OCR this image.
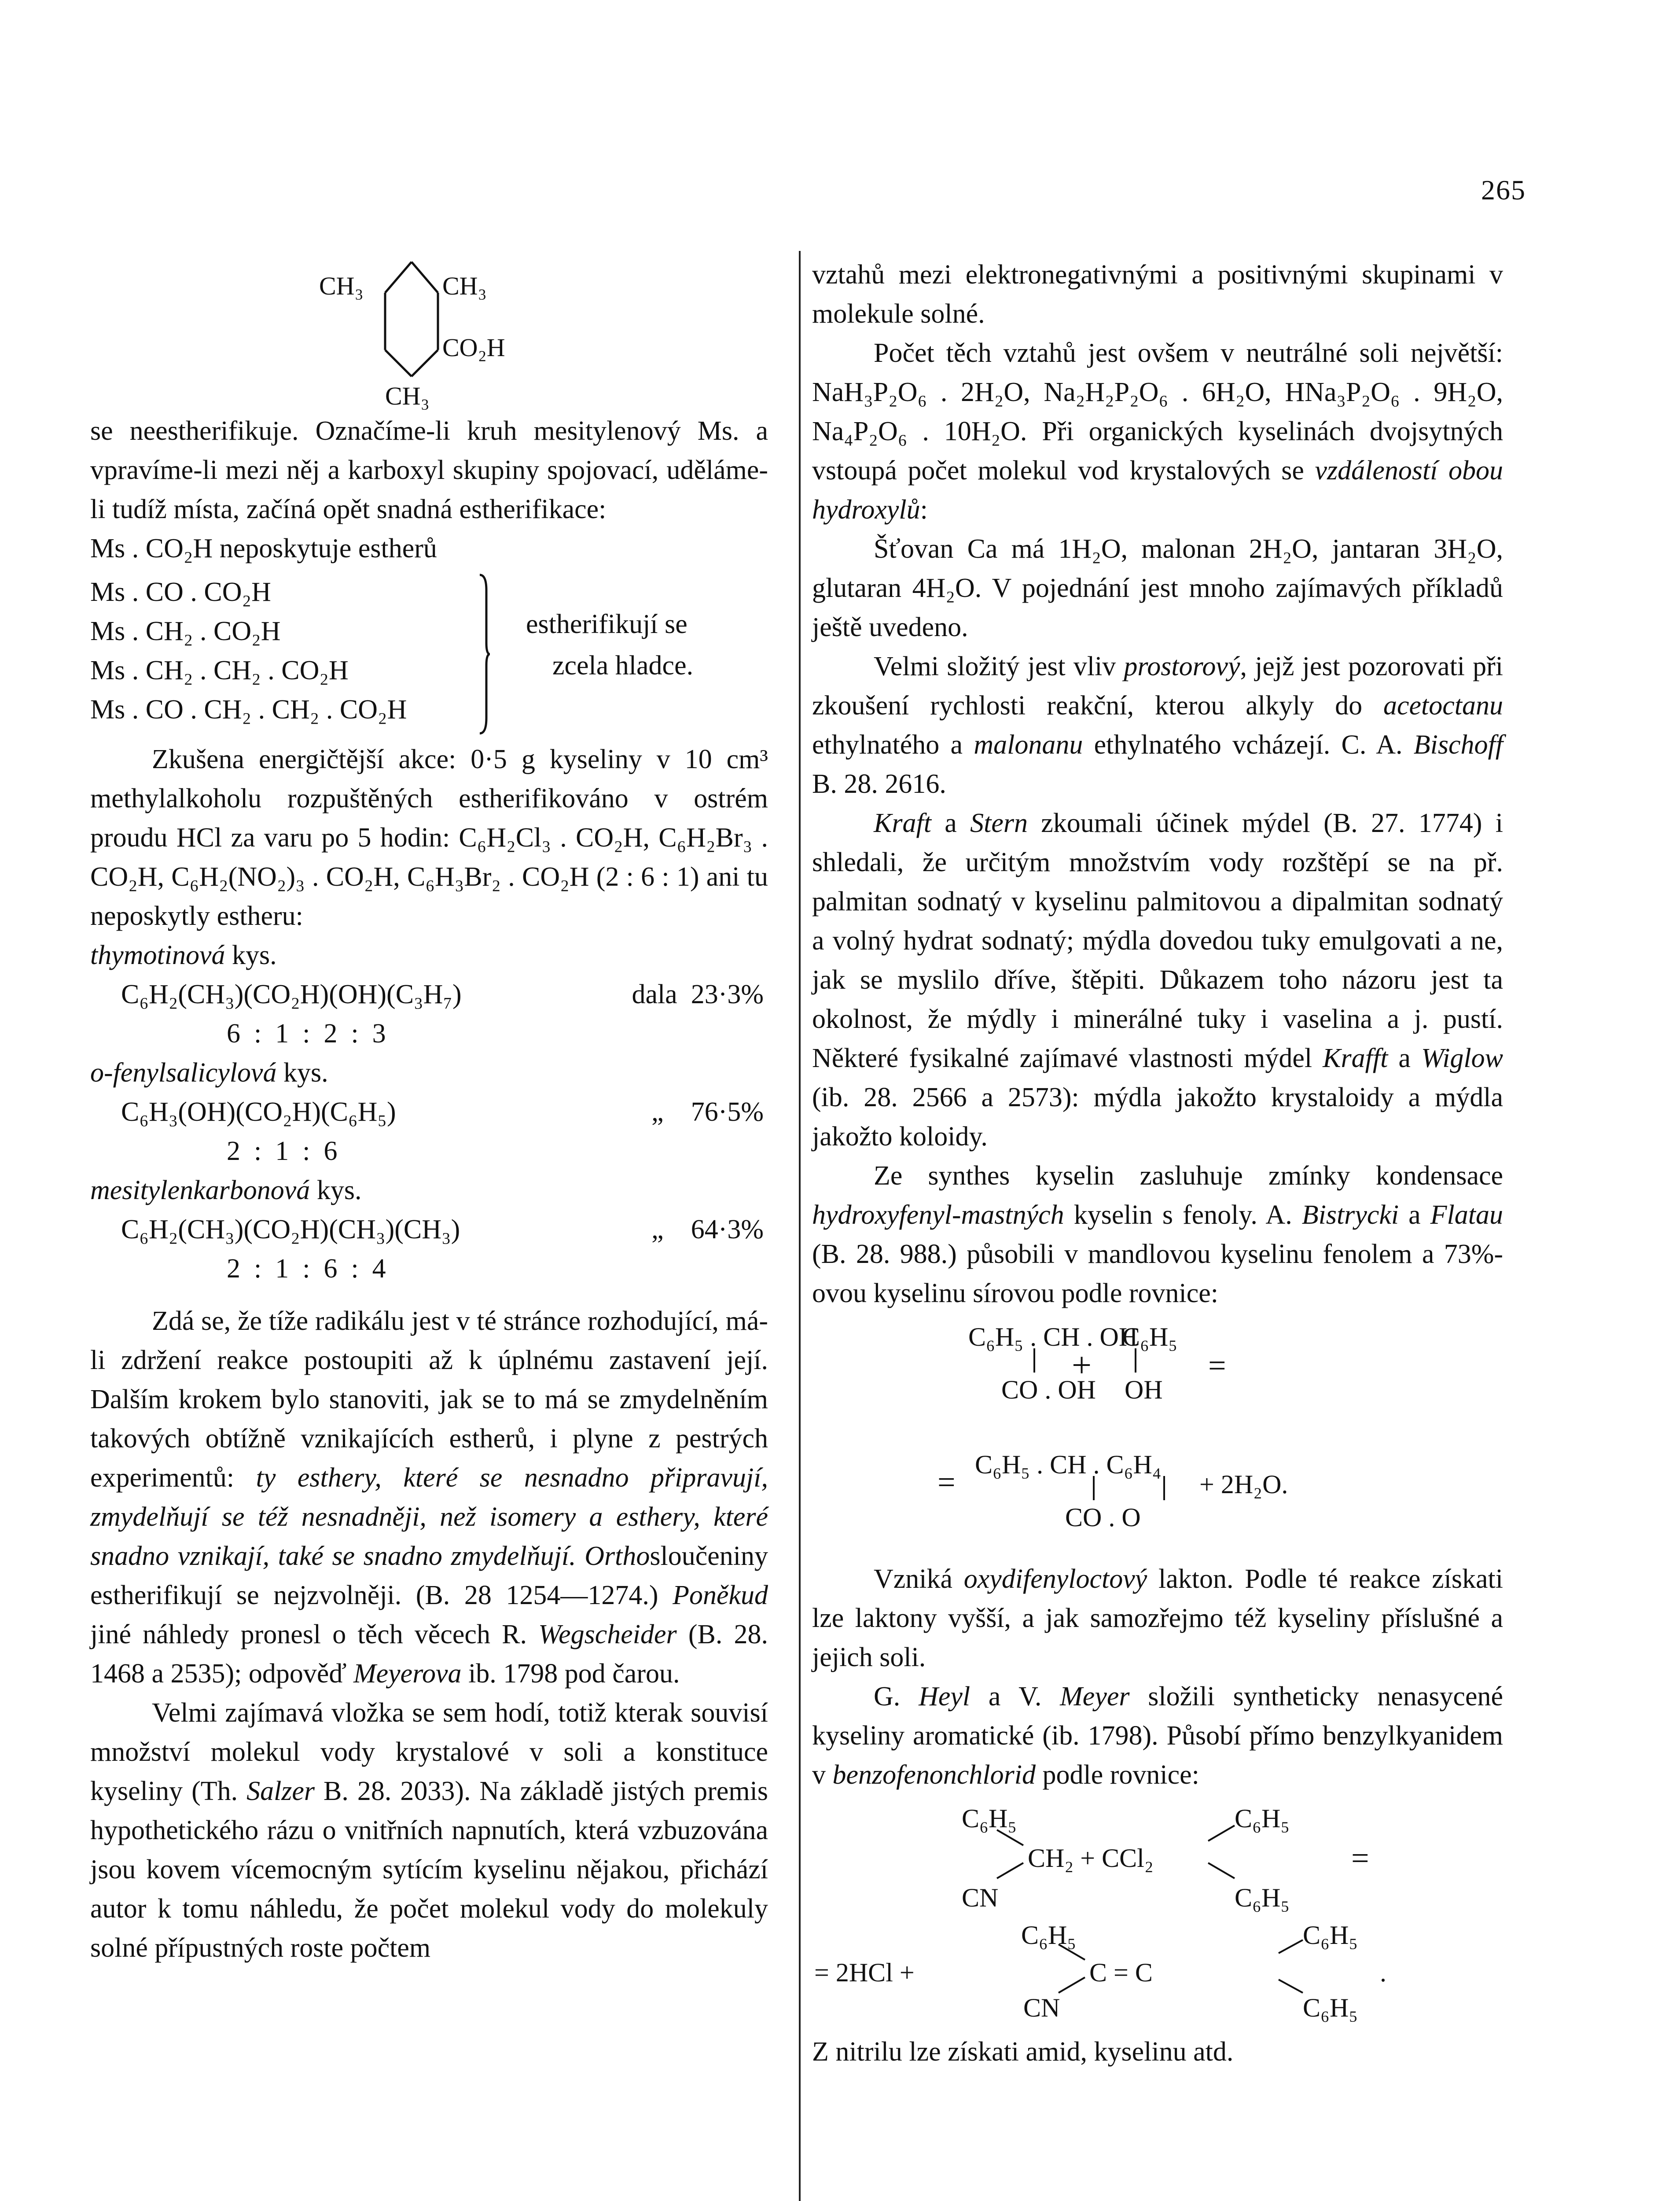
265
CH₃	CH₃
CO₂H
CH₃

se neestherifikuje. Označíme-li kruh mesitylenový Ms. a vpravíme-li mezi něj a karboxyl skupiny spojovací, uděláme-li tudíž místa, začíná opět snadná estherifikace:

Ms . CO₂H neposkytuje estherů

Ms . CO . CO₂H
Ms . CH₂ . CO₂H
Ms . CH₂ . CH₂ . CO₂H
Ms . CO . CH₂ . CH₂ . CO₂H
estherifikují se
zcela hladce.

Zkušena energičtější akce: 0·5 g kyseliny v 10 cm³ methylalkoholu rozpuštěných estherifikováno v ostrém proudu HCl za varu po 5 hodin: C₆H₂Cl₃ . CO₂H, C₆H₂Br₃ . CO₂H, C₆H₂(NO₂)₃ . CO₂H, C₆H₃Br₂ . CO₂H (2 : 6 : 1) ani tu neposkytly estheru:

thymotinová kys.
C₆H₂(CH₃)(CO₂H)(OH)(C₃H₇)	dala 23·3%
6  :  1  :  2  :  3
o-fenylsalicylová kys.
C₆H₃(OH)(CO₂H)(C₆H₅)	„ 76·5%
2  :  1  :  6
mesitylenkarbonová kys.
C₆H₂(CH₃)(CO₂H)(CH₃)(CH₃)	„ 64·3%
2  :  1  :  6  :  4

Zdá se, že tíže radikálu jest v té stránce rozhodující, má-li zdržení reakce postoupiti až k úplnému zastavení její. Dalším krokem bylo stanoviti, jak se to má se zmydelněním takových obtížně vznikajících estherů, i plyne z pestrých experimentů: ty esthery, které se nesnadno připravují, zmydelňují se též nesnadněji, než isomery a esthery, které snadno vznikají, také se snadno zmydelňují. Orthosloučeniny estherifikují se nejzvolněji. (B. 28 1254—1274.) Poněkud jiné náhledy pronesl o těch věcech R. Wegscheider (B. 28. 1468 a 2535); odpověď Meyerova ib. 1798 pod čarou.

Velmi zajímavá vložka se sem hodí, totiž kterak souvisí množství molekul vody krystalové v soli a konstituce kyseliny (Th. Salzer B. 28. 2033). Na základě jistých premis hypothetického rázu o vnitřních napnutích, která vzbuzována jsou kovem vícemocným sytícím kyselinu nějakou, přichází autor k tomu náhledu, že počet molekul vody do molekuly solné přípustných roste počtem

vztahů mezi elektronegativnými a positivnými skupinami v molekule solné.

Počet těch vztahů jest ovšem v neutrálné soli největší: NaH₃P₂O₆ . 2H₂O, Na₂H₂P₂O₆ . 6H₂O, HNa₃P₂O₆ . 9H₂O, Na₄P₂O₆ . 10H₂O. Při organických kyselinách dvojsytných vstoupá počet molekul vod krystalových se vzdáleností obou hydroxylů:

Šťovan Ca má 1H₂O, malonan 2H₂O, jantaran 3H₂O, glutaran 4H₂O. V pojednání jest mnoho zajímavých příkladů ještě uvedeno.

Velmi složitý jest vliv prostorový, jejž jest pozorovati při zkoušení rychlosti reakční, kterou alkyly do acetoctanu ethylnatého a malonanu ethylnatého vcházejí. C. A. Bischoff B. 28. 2616.

Kraft a Stern zkoumali účinek mýdel (B. 27. 1774) i shledali, že určitým množstvím vody rozštěpí se na př. palmitan sodnatý v kyselinu palmitovou a dipalmitan sodnatý a volný hydrat sodnatý; mýdla dovedou tuky emulgovati a ne, jak se myslilo dříve, štěpiti. Důkazem toho názoru jest ta okolnost, že mýdly i minerálné tuky i vaselina a j. pustí. Některé fysikalné zajímavé vlastnosti mýdel Krafft a Wiglow (ib. 28. 2566 a 2573): mýdla jakožto krystaloidy a mýdla jakožto koloidy.

Ze synthes kyselin zasluhuje zmínky kondensace hydroxyfenyl-mastných kyselin s fenoly. A. Bistrycki a Flatau (B. 28. 988.) působili v mandlovou kyselinu fenolem a 73%-ovou kyselinu sírovou podle rovnice:

C₆H₅ . CH . OH
C₆H₅
+	=
CO . OH OH
= C₆H₅ . CH . C₆H₄
+ 2H₂O.
CO . O

Vzniká oxydifenyloctový lakton. Podle té reakce získati lze laktony vyšší, a jak samozřejmo též kyseliny příslušné a jejich soli.

G. Heyl a V. Meyer složili syntheticky nenasycené kyseliny aromatické (ib. 1798). Působí přímo benzylkyanidem v benzofenonchlorid podle rovnice:

C₆H₅	C₆H₅
CH₂ + CCl₂	=
CN	C₆H₅
C₆H₅	C₆H₅
= 2HCl +	C = C	.
CN	C₆H₅

Z nitrilu lze získati amid, kyselinu atd.
